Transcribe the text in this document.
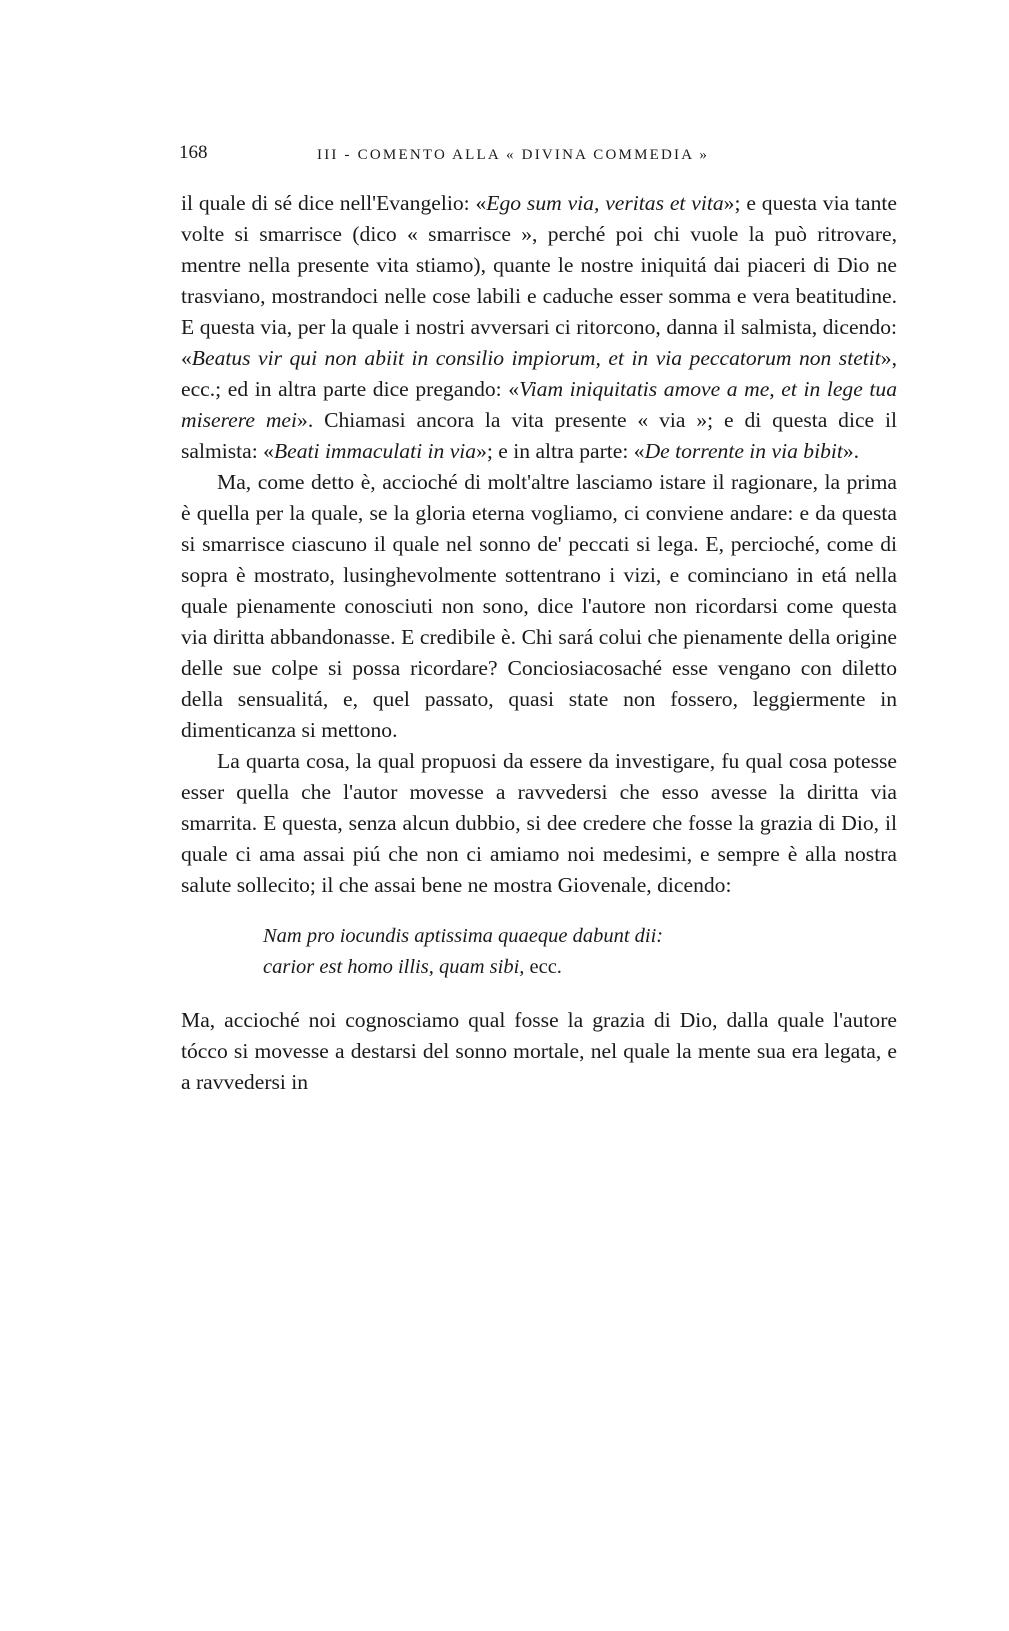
168	III - COMENTO ALLA « DIVINA COMMEDIA »

il quale di sé dice nell'Evangelio: «Ego sum via, veritas et vita»; e questa via tante volte si smarrisce (dico « smarrisce », perché poi chi vuole la può ritrovare, mentre nella presente vita stiamo), quante le nostre iniquitá dai piaceri di Dio ne trasviano, mostrandoci nelle cose labili e caduche esser somma e vera beatitudine. E questa via, per la quale i nostri avversari ci ritorcono, danna il salmista, dicendo: «Beatus vir qui non abiit in consilio impiorum, et in via peccatorum non stetit», ecc.; ed in altra parte dice pregando: «Viam iniquitatis amove a me, et in lege tua miserere mei». Chiamasi ancora la vita presente « via »; e di questa dice il salmista: «Beati immaculati in via»; e in altra parte: «De torrente in via bibit».

Ma, come detto è, accioché di molt'altre lasciamo istare il ragionare, la prima è quella per la quale, se la gloria eterna vogliamo, ci conviene andare: e da questa si smarrisce ciascuno il quale nel sonno de' peccati si lega. E, percioché, come di sopra è mostrato, lusinghevolmente sottentrano i vizi, e cominciano in etá nella quale pienamente conosciuti non sono, dice l'autore non ricordarsi come questa via diritta abbandonasse. E credibile è. Chi sará colui che pienamente della origine delle sue colpe si possa ricordare? Conciosiacosaché esse vengano con diletto della sensualitá, e, quel passato, quasi state non fossero, leggiermente in dimenticanza si mettono.

La quarta cosa, la qual propuosi da essere da investigare, fu qual cosa potesse esser quella che l'autor movesse a ravvedersi che esso avesse la diritta via smarrita. E questa, senza alcun dubbio, si dee credere che fosse la grazia di Dio, il quale ci ama assai piú che non ci amiamo noi medesimi, e sempre è alla nostra salute sollecito; il che assai bene ne mostra Giovenale, dicendo:

Nam pro iocundis aptissima quaeque dabunt dii:
carior est homo illis, quam sibi, ecc.

Ma, accioché noi cognosciamo qual fosse la grazia di Dio, dalla quale l'autore tócco si movesse a destarsi del sonno mortale, nel quale la mente sua era legata, e a ravvedersi in
